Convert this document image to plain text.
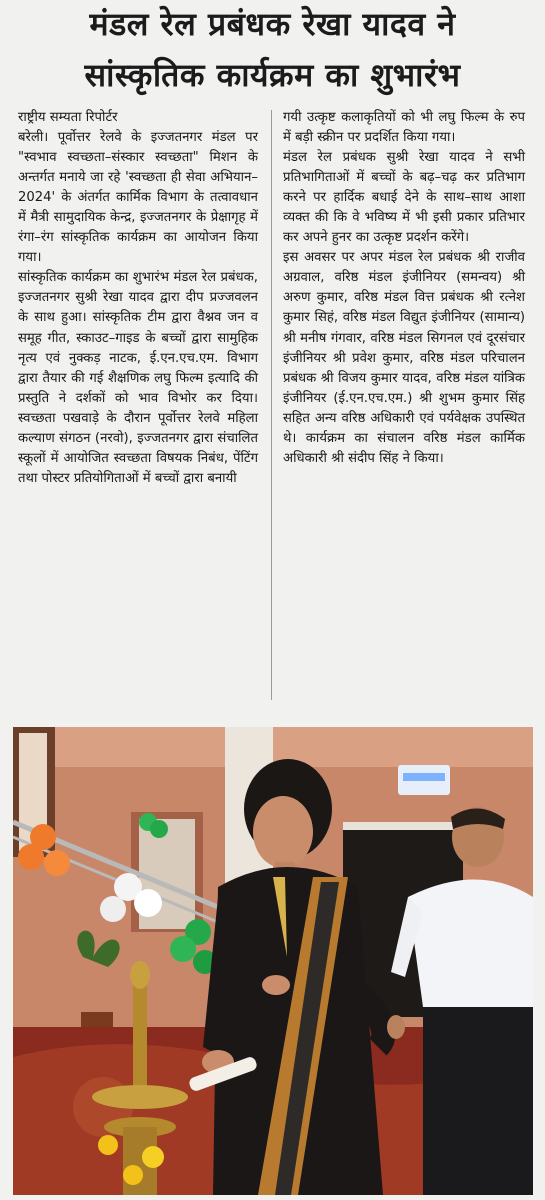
मंडल रेल प्रबंधक रेखा यादव ने
सांस्कृतिक कार्यक्रम का शुभारंभ

राष्ट्रीय सम्यता रिपोर्टर

बरेली। पूर्वोत्तर रेलवे के इज्जतनगर मंडल पर "स्वभाव स्वच्छता–संस्कार स्वच्छता" मिशन के अन्तर्गत मनाये जा रहे 'स्वच्छता ही सेवा अभियान–2024' के अंतर्गत कार्मिक विभाग के तत्वावधान में मैत्री सामुदायिक केन्द्र, इज्जतनगर के प्रेक्षागृह में रंगा–रंग सांस्कृतिक कार्यक्रम का आयोजन किया गया।

सांस्कृतिक कार्यक्रम का शुभारंभ मंडल रेल प्रबंधक, इज्जतनगर सुश्री रेखा यादव द्वारा दीप प्रज्जवलन के साथ हुआ। सांस्कृतिक टीम द्वारा वैश्नव जन व समूह गीत, स्काउट–गाइड के बच्चों द्वारा सामुहिक नृत्य एवं नुक्कड़ नाटक, ई.एन.एच.एम. विभाग द्वारा तैयार की गई शैक्षणिक लघु फिल्म इत्यादि की प्रस्तुति ने दर्शकों को भाव विभोर कर दिया। स्वच्छता पखवाड़े के दौरान पूर्वोत्तर रेलवे महिला कल्याण संगठन (नरवो), इज्जतनगर द्वारा संचालित स्कूलों में आयोजित स्वच्छता विषयक निबंध, पेंटिंग तथा पोस्टर प्रतियोगिताओं में बच्चों द्वारा बनायी

गयी उत्कृष्ट कलाकृतियों को भी लघु फिल्म के रुप में बड़ी स्क्रीन पर प्रदर्शित किया गया।

मंडल रेल प्रबंधक सुश्री रेखा यादव ने सभी प्रतिभागिताओं में बच्चों के बढ़–चढ़ कर प्रतिभाग करने पर हार्दिक बधाई देने के साथ–साथ आशा व्यक्त की कि वे भविष्य में भी इसी प्रकार प्रतिभार कर अपने हुनर का उत्कृष्ट प्रदर्शन करेंगे।

इस अवसर पर अपर मंडल रेल प्रबंधक श्री राजीव अग्रवाल, वरिष्ठ मंडल इंजीनियर (समन्वय) श्री अरुण कुमार, वरिष्ठ मंडल वित्त प्रबंधक श्री रत्नेश कुमार सिहं, वरिष्ठ मंडल विद्युत इंजीनियर (सामान्य) श्री मनीष गंगवार, वरिष्ठ मंडल सिगनल एवं दूरसंचार इंजीनियर श्री प्रवेश कुमार, वरिष्ठ मंडल परिचालन प्रबंधक श्री विजय कुमार यादव, वरिष्ठ मंडल यांत्रिक इंजीनियर (ई.एन.एच.एम.) श्री शुभम कुमार सिंह सहित अन्य वरिष्ठ अधिकारी एवं पर्यवेक्षक उपस्थित थे। कार्यक्रम का संचालन वरिष्ठ मंडल कार्मिक अधिकारी श्री संदीप सिंह ने किया।
